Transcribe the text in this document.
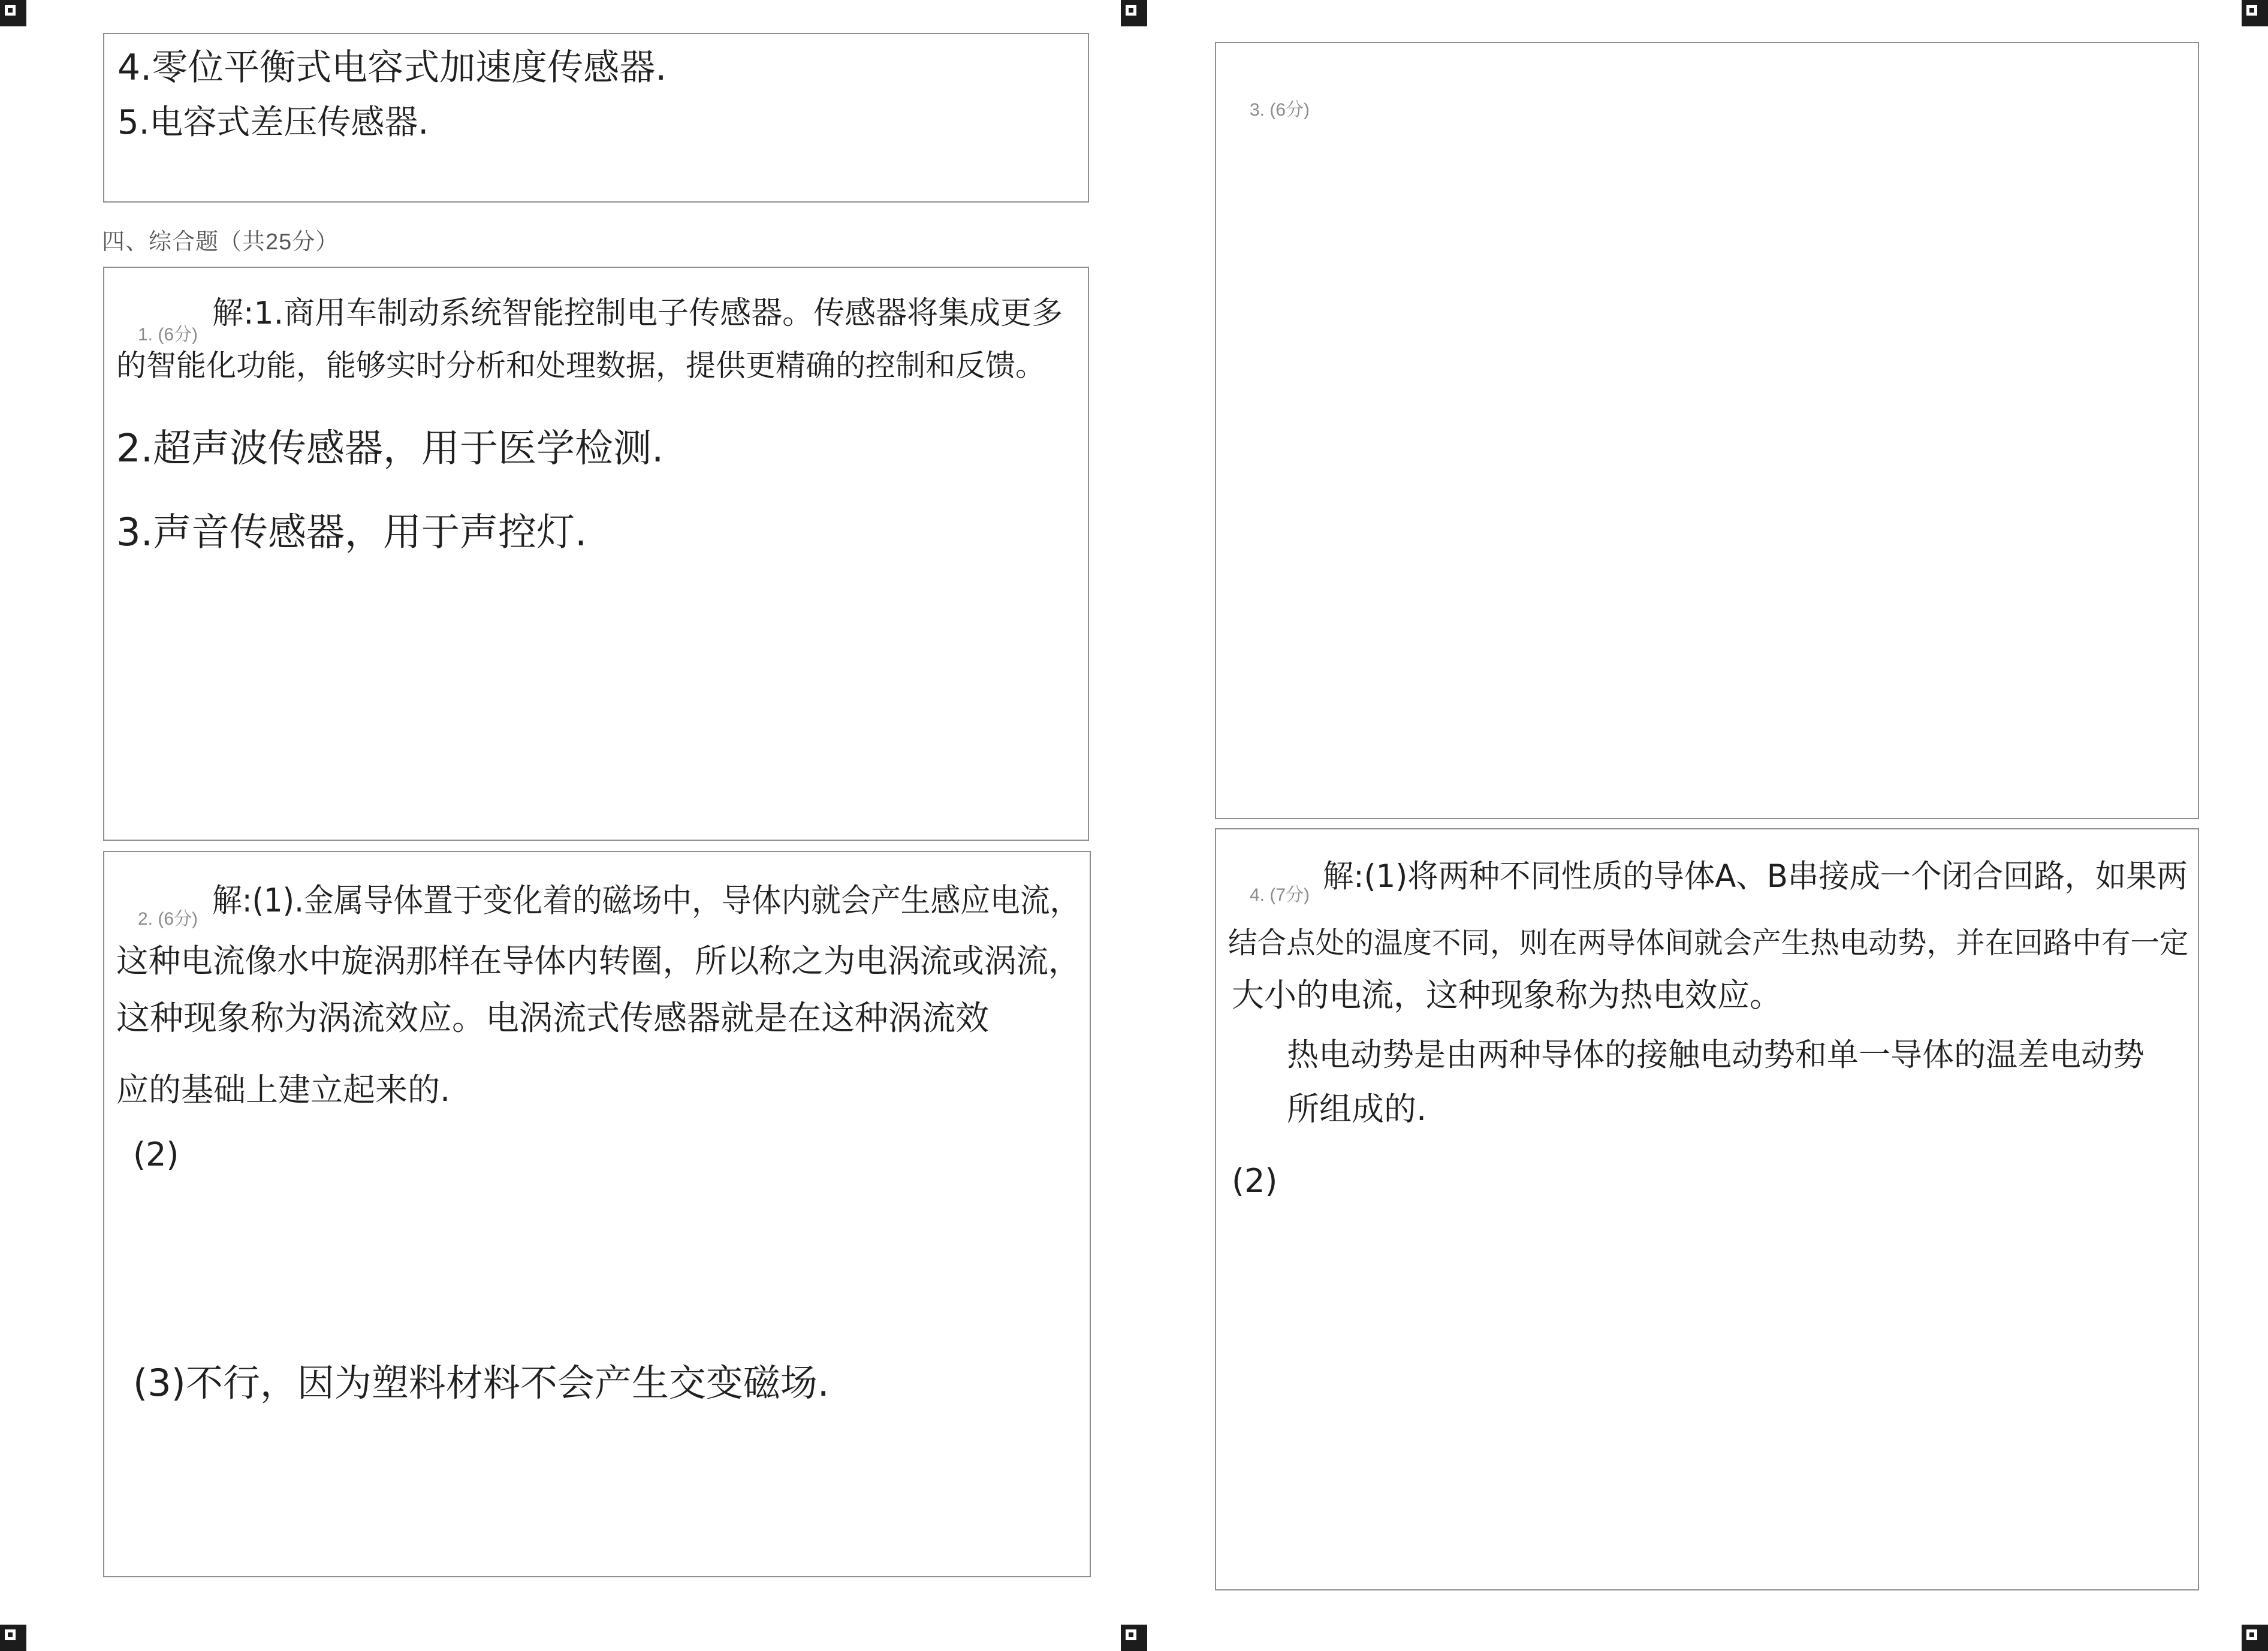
4.零位平衡式电容式加速度传感器.
5.电容式差压传感器.
四、综合题（共25分）
1. (6分)
解:1.商用车制动系统智能控制电子传感器。传感器将集成更多
的智能化功能，能够实时分析和处理数据，提供更精确的控制和反馈。
2.超声波传感器，用于医学检测.
3.声音传感器，用于声控灯.
2. (6分) 解:(1).金属导体置于变化着的磁场中，导体内就会产生感应电流，
这种电流像水中旋涡那样在导体内转圈，所以称之为电涡流或涡流，
这种现象称为涡流效应。电涡流式传感器就是在这种涡流效
应的基础上建立起来的.
(2)
(3)不行，因为塑料材料不会产生交变磁场.
3. (6分)
4. (7分)
解:(1)将两种不同性质的导体A、B串接成一个闭合回路，如果两
结合点处的温度不同，则在两导体间就会产生热电动势，并在回路中有一定
大小的电流，这种现象称为热电效应。
热电动势是由两种导体的接触电动势和单一导体的温差电动势
所组成的.
(2)
